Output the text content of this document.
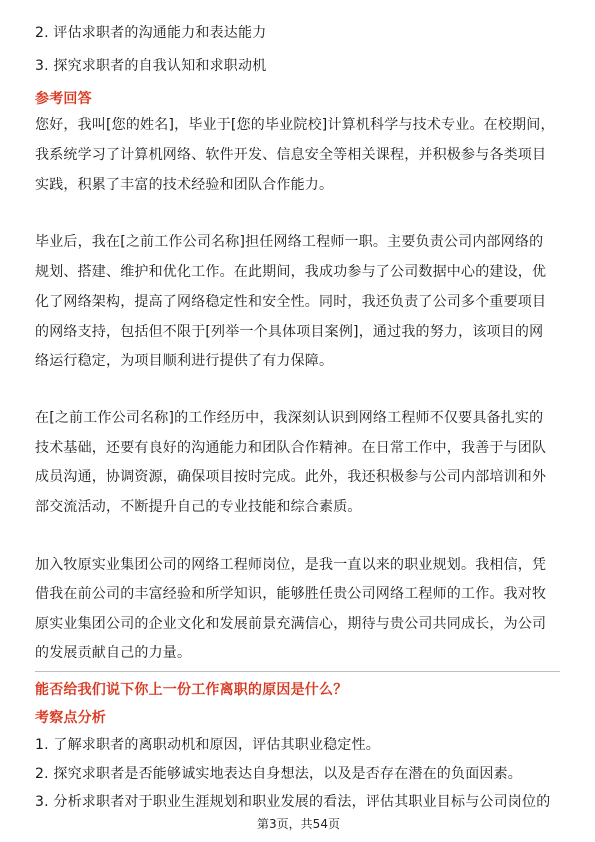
2. 评估求职者的沟通能力和表达能力
3. 探究求职者的自我认知和求职动机
参考回答
您好，我叫[您的姓名]，毕业于[您的毕业院校]计算机科学与技术专业。在校期间，
我系统学习了计算机网络、软件开发、信息安全等相关课程，并积极参与各类项目
实践，积累了丰富的技术经验和团队合作能力。
毕业后，我在[之前工作公司名称]担任网络工程师一职。主要负责公司内部网络的
规划、搭建、维护和优化工作。在此期间，我成功参与了公司数据中心的建设，优
化了网络架构，提高了网络稳定性和安全性。同时，我还负责了公司多个重要项目
的网络支持，包括但不限于[列举一个具体项目案例]，通过我的努力，该项目的网
络运行稳定，为项目顺利进行提供了有力保障。
在[之前工作公司名称]的工作经历中，我深刻认识到网络工程师不仅要具备扎实的
技术基础，还要有良好的沟通能力和团队合作精神。在日常工作中，我善于与团队
成员沟通，协调资源，确保项目按时完成。此外，我还积极参与公司内部培训和外
部交流活动，不断提升自己的专业技能和综合素质。
加入牧原实业集团公司的网络工程师岗位，是我一直以来的职业规划。我相信，凭
借我在前公司的丰富经验和所学知识，能够胜任贵公司网络工程师的工作。我对牧
原实业集团公司的企业文化和发展前景充满信心，期待与贵公司共同成长，为公司
的发展贡献自己的力量。
能否给我们说下你上一份工作离职的原因是什么？
考察点分析
1. 了解求职者的离职动机和原因，评估其职业稳定性。
2. 探究求职者是否能够诚实地表达自身想法，以及是否存在潜在的负面因素。
3. 分析求职者对于职业生涯规划和职业发展的看法，评估其职业目标与公司岗位的
第3页，共54页
